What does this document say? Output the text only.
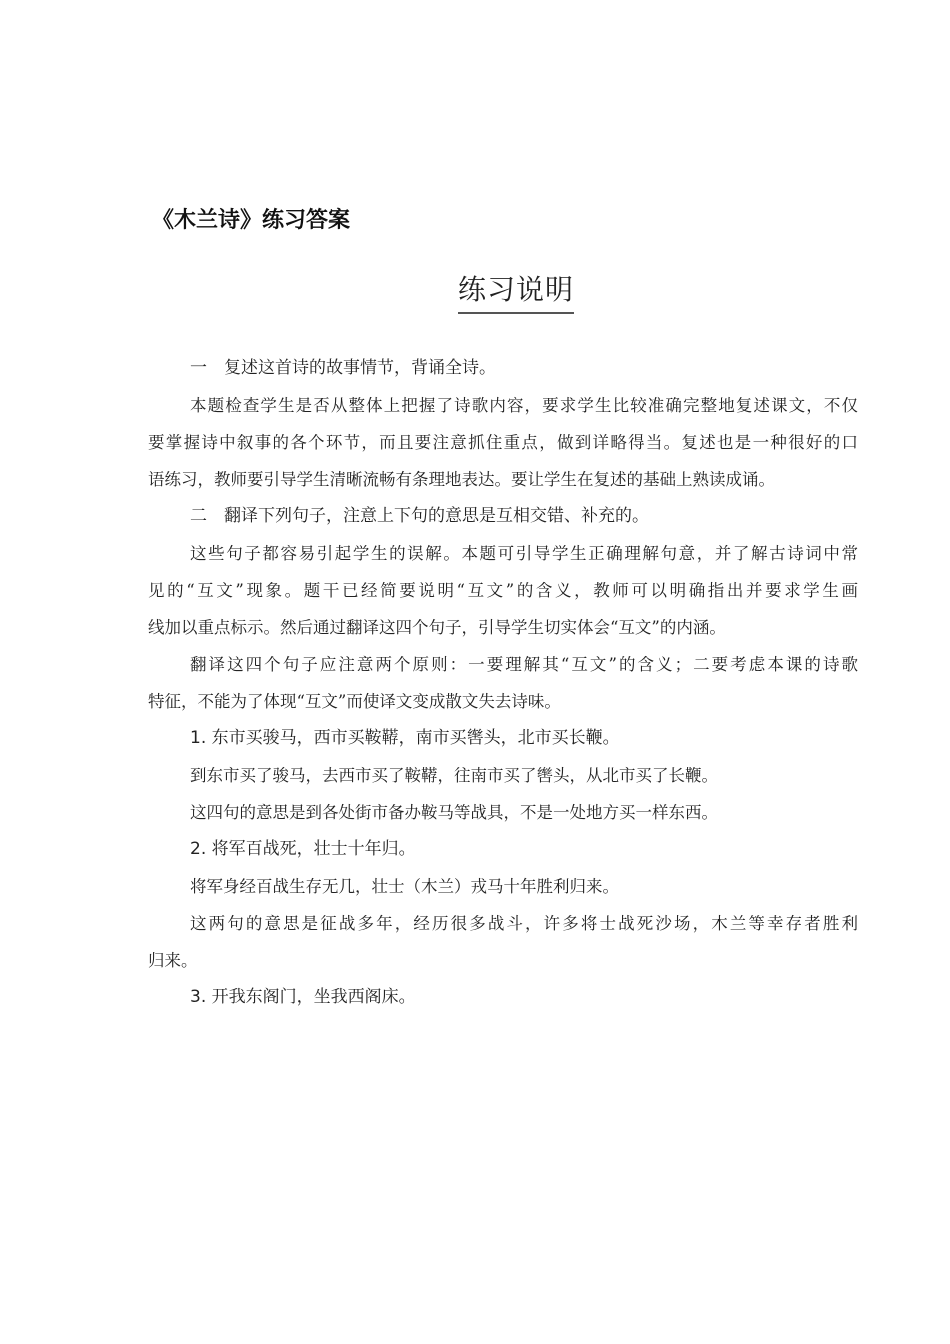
《木兰诗》练习答案
练习说明
一　复述这首诗的故事情节，背诵全诗。
本题检查学生是否从整体上把握了诗歌内容，要求学生比较准确完整地复述课文，不仅
要掌握诗中叙事的各个环节，而且要注意抓住重点，做到详略得当。复述也是一种很好的口
语练习，教师要引导学生清晰流畅有条理地表达。要让学生在复述的基础上熟读成诵。
二　翻译下列句子，注意上下句的意思是互相交错、补充的。
这些句子都容易引起学生的误解。本题可引导学生正确理解句意，并了解古诗词中常
见的“互文”现象。题干已经简要说明“互文”的含义，教师可以明确指出并要求学生画
线加以重点标示。然后通过翻译这四个句子，引导学生切实体会“互文”的内涵。
翻译这四个句子应注意两个原则：一要理解其“互文”的含义；二要考虑本课的诗歌
特征，不能为了体现“互文”而使译文变成散文失去诗味。
1. 东市买骏马，西市买鞍鞯，南市买辔头，北市买长鞭。
到东市买了骏马，去西市买了鞍鞯，往南市买了辔头，从北市买了长鞭。
这四句的意思是到各处街市备办鞍马等战具，不是一处地方买一样东西。
2. 将军百战死，壮士十年归。
将军身经百战生存无几，壮士（木兰）戎马十年胜利归来。
这两句的意思是征战多年，经历很多战斗，许多将士战死沙场，木兰等幸存者胜利
归来。
3. 开我东阁门，坐我西阁床。
